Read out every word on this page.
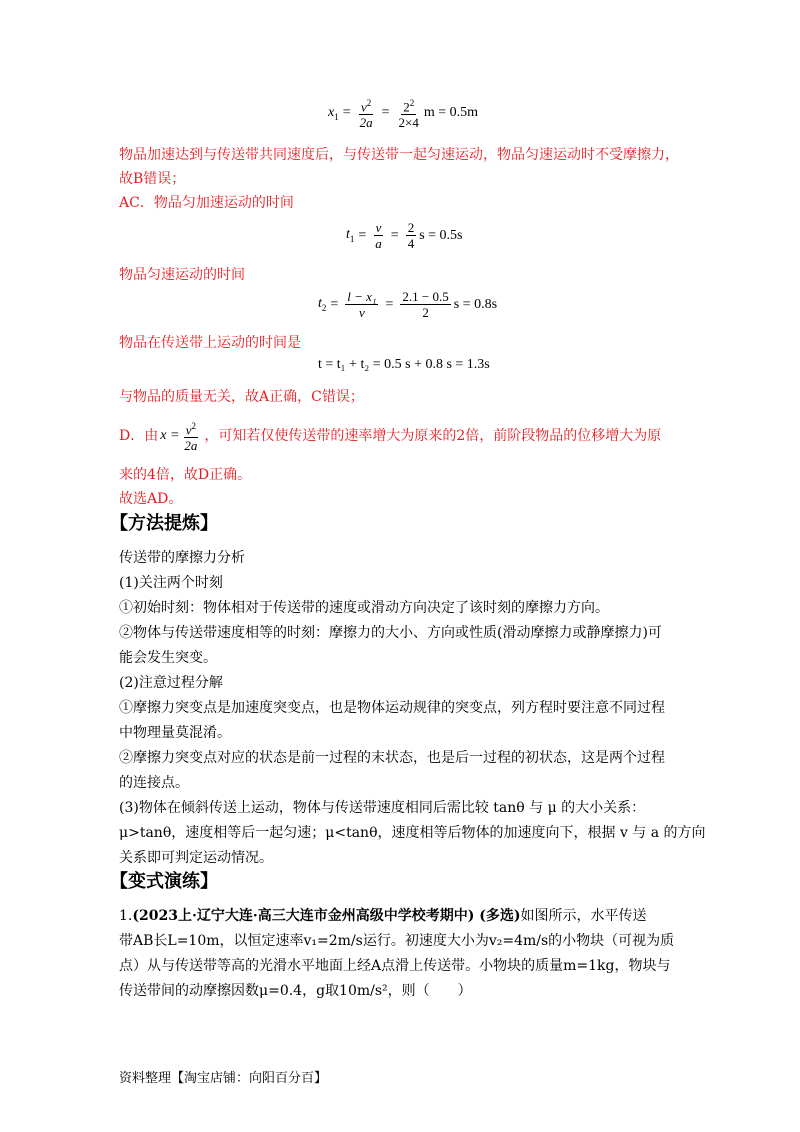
$x_1 = \frac{v^2}{2a} = \frac{2^2}{2\times 4}$ m = 0.5m
物品加速达到与传送带共同速度后，与传送带一起匀速运动，物品匀速运动时不受摩擦力，
故B错误；
AC．物品匀加速运动的时间
$t_1 = \frac{v}{a} = \frac{2}{4}$ s = 0.5s
物品匀速运动的时间
$t_2 = \frac{\text{l − x₁}}{v} = \frac{2.1 - 0.5}{2}$ s = 0.8s
物品在传送带上运动的时间是
t = t₁ + t₂ = 0.5 s + 0.8 s = 1.3s
与物品的质量无关，故A正确，C错误；
D．由 $x = \frac{v^2}{2a}$ ，可知若仅使传送带的速率增大为原来的2倍，前阶段物品的位移增大为原
来的4倍，故D正确。
故选AD。
【方法提炼】
传送带的摩擦力分析
(1)关注两个时刻
①初始时刻：物体相对于传送带的速度或滑动方向决定了该时刻的摩擦力方向。
②物体与传送带速度相等的时刻：摩擦力的大小、方向或性质(滑动摩擦力或静摩擦力)可
能会发生突变。
(2)注意过程分解
①摩擦力突变点是加速度突变点，也是物体运动规律的突变点，列方程时要注意不同过程
中物理量莫混淆。
②摩擦力突变点对应的状态是前一过程的末状态，也是后一过程的初状态，这是两个过程
的连接点。
(3)物体在倾斜传送上运动，物体与传送带速度相同后需比较 tanθ 与 μ 的大小关系：
μ>tanθ，速度相等后一起匀速；μ<tanθ，速度相等后物体的加速度向下，根据 v 与 a 的方向
关系即可判定运动情况。
【变式演练】
1.(2023上·辽宁大连·高三大连市金州高级中学校考期中) (多选)如图所示，水平传送
带AB长L=10m，以恒定速率v₁=2m/s运行。初速度大小为v₂=4m/s的小物块（可视为质
点）从与传送带等高的光滑水平地面上经A点滑上传送带。小物块的质量m=1kg，物块与
传送带间的动摩擦因数μ=0.4，g取10m/s²，则（　　）
资料整理【淘宝店铺：向阳百分百】
